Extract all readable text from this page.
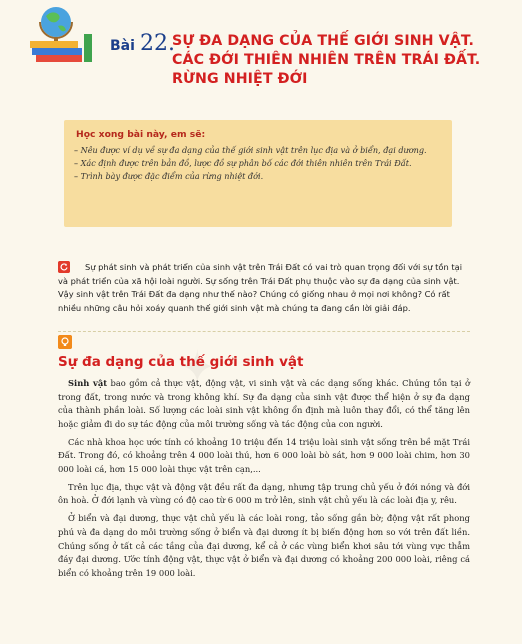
Bài 22.
SỰ ĐA DẠNG CỦA THẾ GIỚI SINH VẬT. CÁC ĐỚI THIÊN NHIÊN TRÊN TRÁI ĐẤT. RỪNG NHIỆT ĐỚI
Học xong bài này, em sẽ:
– Nêu được ví dụ về sự đa dạng của thế giới sinh vật trên lục địa và ở biển, đại dương.
– Xác định được trên bản đồ, lược đồ sự phân bố các đới thiên nhiên trên Trái Đất.
– Trình bày được đặc điểm của rừng nhiệt đới.
Sự phát sinh và phát triển của sinh vật trên Trái Đất có vai trò quan trọng đối với sự tồn tại và phát triển của xã hội loài người. Sự sống trên Trái Đất phụ thuộc vào sự đa dạng của sinh vật. Vậy sinh vật trên Trái Đất đa dạng như thế nào? Chúng có giống nhau ở mọi nơi không? Có rất nhiều những câu hỏi xoáy quanh thế giới sinh vật mà chúng ta đang cần lời giải đáp.
✦
Sự đa dạng của thế giới sinh vật

Sinh vật bao gồm cả thực vật, động vật, vi sinh vật và các dạng sống khác. Chúng tồn tại ở trong đất, trong nước và trong không khí. Sự đa dạng của sinh vật được thể hiện ở sự đa dạng của thành phần loài. Số lượng các loài sinh vật không ổn định mà luôn thay đổi, có thể tăng lên hoặc giảm đi do sự tác động của môi trường sống và tác động của con người.

Các nhà khoa học ước tính có khoảng 10 triệu đến 14 triệu loài sinh vật sống trên bề mặt Trái Đất. Trong đó, có khoảng trên 4 000 loài thú, hơn 6 000 loài bò sát, hơn 9 000 loài chim, hơn 30 000 loài cá, hơn 15 000 loài thực vật trên cạn,...

Trên lục địa, thực vật và động vật đều rất đa dạng, nhưng tập trung chủ yếu ở đới nóng và đới ôn hoà. Ở đới lạnh và vùng có độ cao từ 6 000 m trở lên, sinh vật chủ yếu là các loài địa y, rêu.

Ở biển và đại dương, thực vật chủ yếu là các loài rong, tảo sống gần bờ; động vật rất phong phú và đa dạng do môi trường sống ở biển và đại dương ít bị biến động hơn so với trên đất liền. Chúng sống ở tất cả các tầng của đại dương, kể cả ở các vùng biển khơi sâu tới vùng vực thẳm đáy đại dương. Ước tính động vật, thực vật ở biển và đại dương có khoảng 200 000 loài, riêng cá biển có khoảng trên 19 000 loài.
